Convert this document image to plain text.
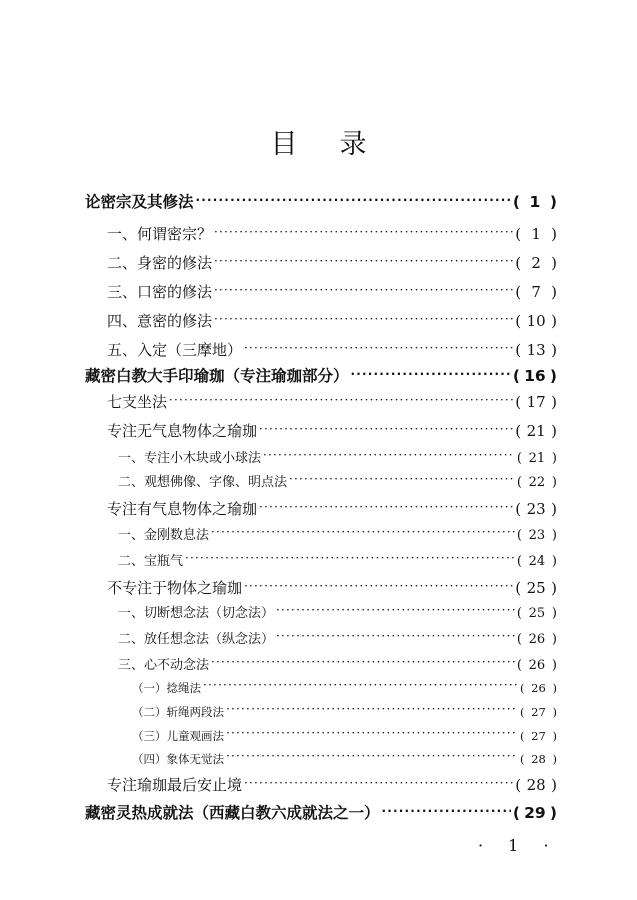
目 录
论密宗及其修法 ·····	( 1 )
一、何谓密宗？ ·····	( 1 )
二、身密的修法 ·····	( 2 )
三、口密的修法 ·····	( 7 )
四、意密的修法 ·····	( 10 )
五、入定（三摩地） ·····	( 13 )
藏密白教大手印瑜珈（专注瑜珈部分） ·····	( 16 )
七支坐法 ·····	( 17 )
专注无气息物体之瑜珈 ·····	( 21 )
一、专注小木块或小球法 ·····	( 21 )
二、观想佛像、字像、明点法 ·····	( 22 )
专注有气息物体之瑜珈 ·····	( 23 )
一、金刚数息法 ·····	( 23 )
二、宝瓶气 ·····	( 24 )
不专注于物体之瑜珈 ·····	( 25 )
一、切断想念法（切念法） ·····	( 25 )
二、放任想念法（纵念法） ·····	( 26 )
三、心不动念法 ·····	( 26 )
（一）捻绳法 ·····	( 26 )
（二）斩绳两段法 ·····	( 27 )
（三）儿童观画法 ·····	( 27 )
（四）象体无觉法 ·····	( 28 )
专注瑜珈最后安止境 ·····	( 28 )
藏密灵热成就法（西藏白教六成就法之一） ·····	( 29 )
· 1 ·
